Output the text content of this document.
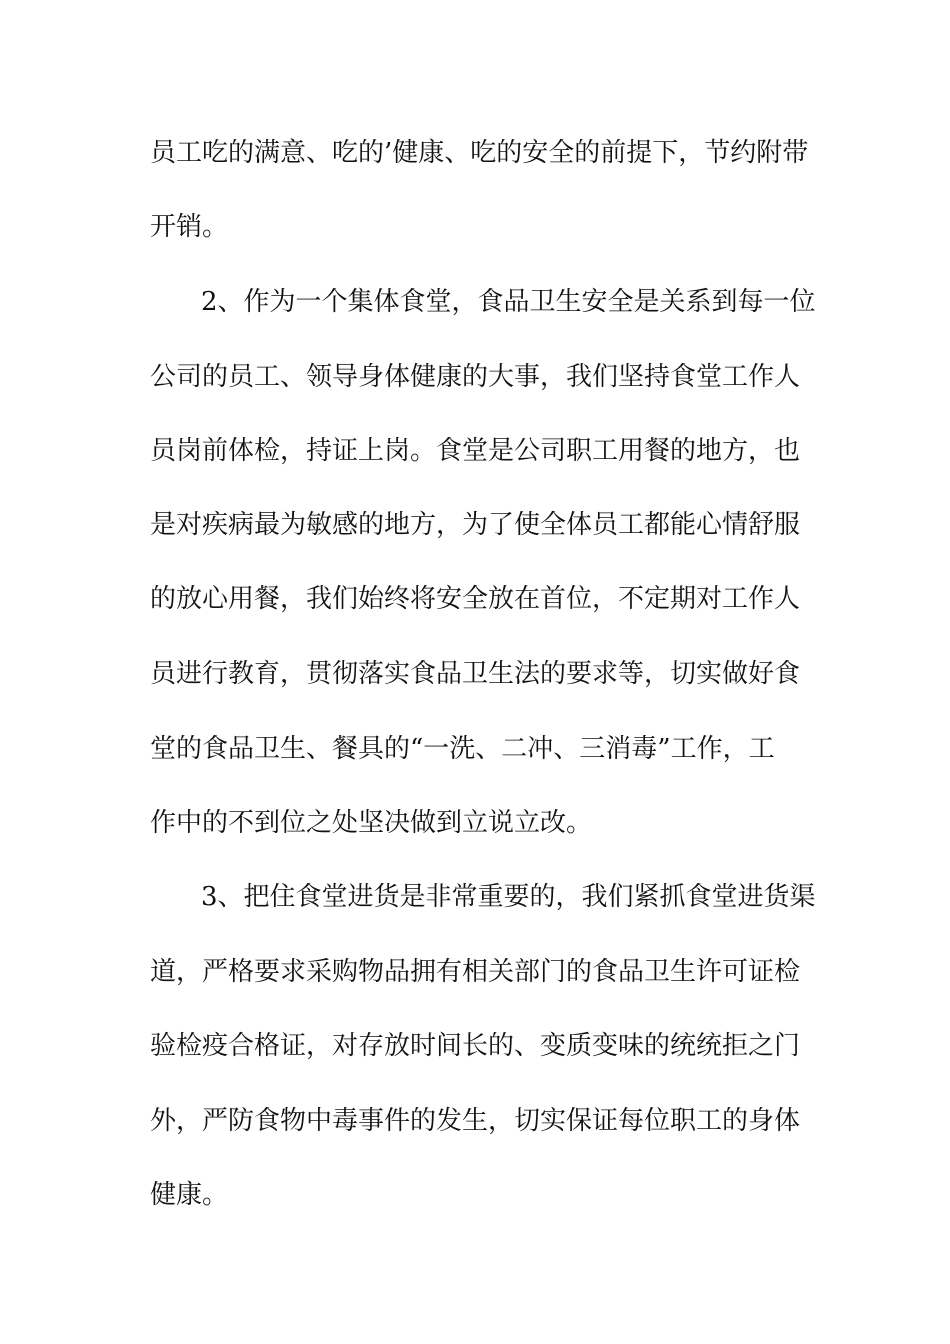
员工吃的满意、吃的’健康、吃的安全的前提下，节约附带
开销。
2、作为一个集体食堂，食品卫生安全是关系到每一位
公司的员工、领导身体健康的大事，我们坚持食堂工作人
员岗前体检，持证上岗。食堂是公司职工用餐的地方，也
是对疾病最为敏感的地方，为了使全体员工都能心情舒服
的放心用餐，我们始终将安全放在首位，不定期对工作人
员进行教育，贯彻落实食品卫生法的要求等，切实做好食
堂的食品卫生、餐具的“一洗、二冲、三消毒”工作，工
作中的不到位之处坚决做到立说立改。
3、把住食堂进货是非常重要的，我们紧抓食堂进货渠
道，严格要求采购物品拥有相关部门的食品卫生许可证检
验检疫合格证，对存放时间长的、变质变味的统统拒之门
外，严防食物中毒事件的发生，切实保证每位职工的身体
健康。
